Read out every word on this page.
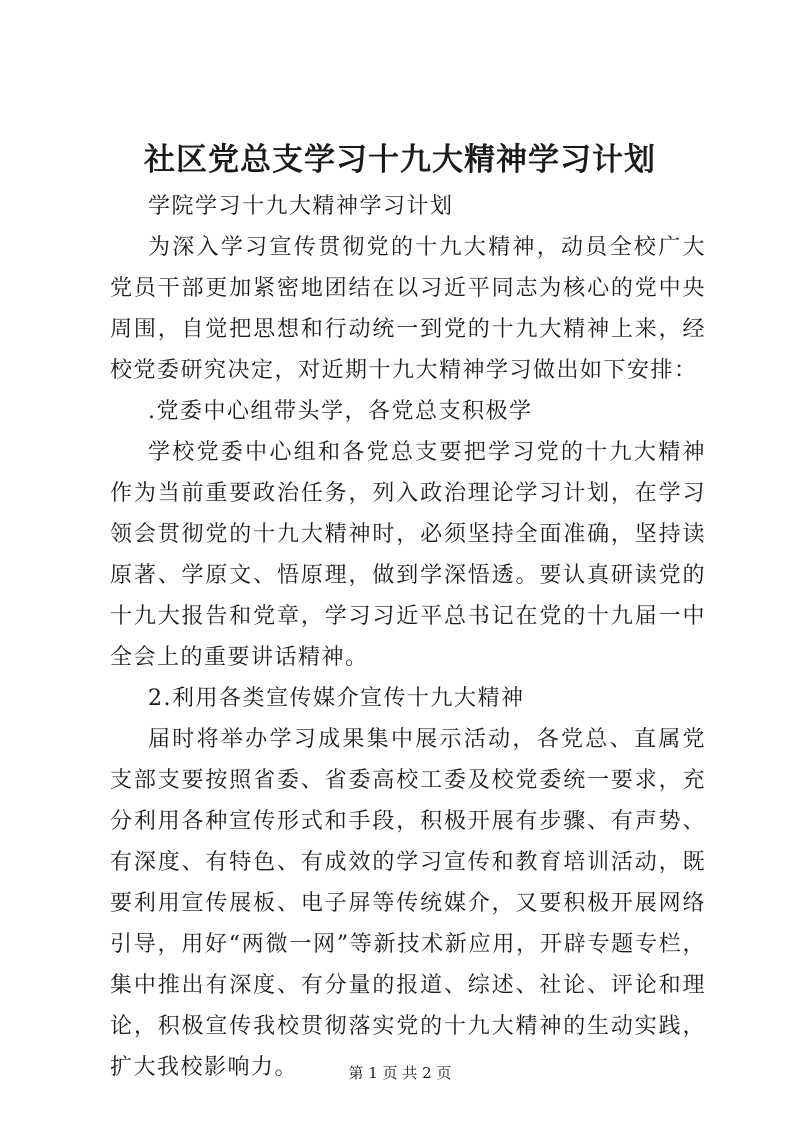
社区党总支学习十九大精神学习计划

学院学习十九大精神学习计划

为深入学习宣传贯彻党的十九大精神，动员全校广大党员干部更加紧密地团结在以习近平同志为核心的党中央周围，自觉把思想和行动统一到党的十九大精神上来，经校党委研究决定，对近期十九大精神学习做出如下安排：

.党委中心组带头学，各党总支积极学

学校党委中心组和各党总支要把学习党的十九大精神作为当前重要政治任务，列入政治理论学习计划，在学习领会贯彻党的十九大精神时，必须坚持全面准确，坚持读原著、学原文、悟原理，做到学深悟透。要认真研读党的十九大报告和党章，学习习近平总书记在党的十九届一中全会上的重要讲话精神。

2.利用各类宣传媒介宣传十九大精神

届时将举办学习成果集中展示活动，各党总、直属党支部支要按照省委、省委高校工委及校党委统一要求，充分利用各种宣传形式和手段，积极开展有步骤、有声势、有深度、有特色、有成效的学习宣传和教育培训活动，既要利用宣传展板、电子屏等传统媒介，又要积极开展网络引导，用好“两微一网”等新技术新应用，开辟专题专栏，集中推出有深度、有分量的报道、综述、社论、评论和理论，积极宣传我校贯彻落实党的十九大精神的生动实践，扩大我校影响力。	第 1 页 共 2 页
